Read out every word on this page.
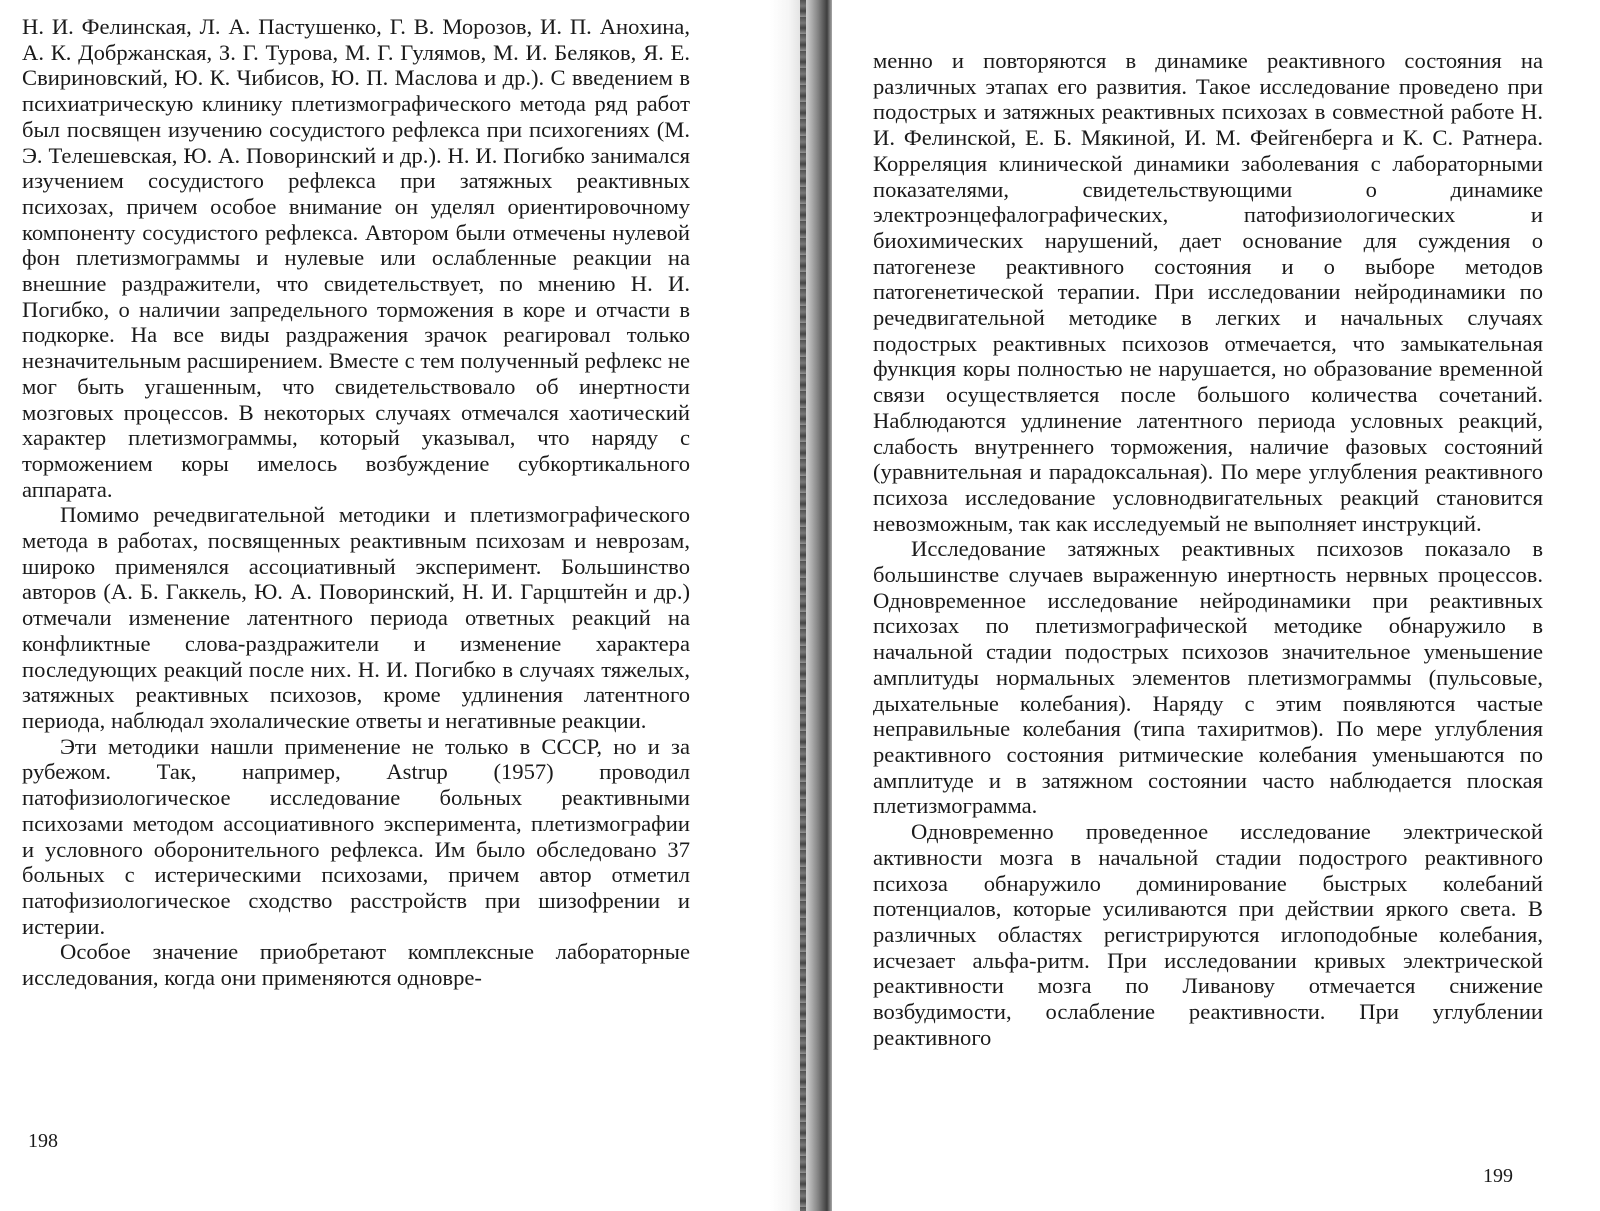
Н. И. Фелинская, Л. А. Пастушенко, Г. В. Морозов, И. П. Анохина, А. К. Добржанская, З. Г. Турова, М. Г. Гулямов, М. И. Беляков, Я. Е. Свириновский, Ю. К. Чибисов, Ю. П. Маслова и др.). С введением в психиатрическую клинику плетизмографического метода ряд работ был посвящен изучению сосудистого рефлекса при психогениях (М. Э. Телешевская, Ю. А. Поворинский и др.). Н. И. Погибко занимался изучением сосудистого рефлекса при затяжных реактивных психозах, причем особое внимание он уделял ориентировочному компоненту сосудистого рефлекса. Автором были отмечены нулевой фон плетизмограммы и нулевые или ослабленные реакции на внешние раздражители, что свидетельствует, по мнению Н. И. Погибко, о наличии запредельного торможения в коре и отчасти в подкорке. На все виды раздражения зрачок реагировал только незначительным расширением. Вместе с тем полученный рефлекс не мог быть угашенным, что свидетельствовало об инертности мозговых процессов. В некоторых случаях отмечался хаотический характер плетизмограммы, который указывал, что наряду с торможением коры имелось возбуждение субкортикального аппарата.

Помимо речедвигательной методики и плетизмографического метода в работах, посвященных реактивным психозам и неврозам, широко применялся ассоциативный эксперимент. Большинство авторов (А. Б. Гаккель, Ю. А. Поворинский, Н. И. Гарцштейн и др.) отмечали изменение латентного периода ответных реакций на конфликтные слова-раздражители и изменение характера последующих реакций после них. Н. И. Погибко в случаях тяжелых, затяжных реактивных психозов, кроме удлинения латентного периода, наблюдал эхолалические ответы и негативные реакции.

Эти методики нашли применение не только в СССР, но и за рубежом. Так, например, Astrup (1957) проводил патофизиологическое исследование больных реактивными психозами методом ассоциативного эксперимента, плетизмографии и условного оборонительного рефлекса. Им было обследовано 37 больных с истерическими психозами, причем автор отметил патофизиологическое сходство расстройств при шизофрении и истерии.

Особое значение приобретают комплексные лабораторные исследования, когда они применяются одновре-

198

менно и повторяются в динамике реактивного состояния на различных этапах его развития. Такое исследование проведено при подострых и затяжных реактивных психозах в совместной работе Н. И. Фелинской, Е. Б. Мякиной, И. М. Фейгенберга и К. С. Ратнера. Корреляция клинической динамики заболевания с лабораторными показателями, свидетельствующими о динамике электроэнцефалографических, патофизиологических и биохимических нарушений, дает основание для суждения о патогенезе реактивного состояния и о выборе методов патогенетической терапии. При исследовании нейродинамики по речедвигательной методике в легких и начальных случаях подострых реактивных психозов отмечается, что замыкательная функция коры полностью не нарушается, но образование временной связи осуществляется после большого количества сочетаний. Наблюдаются удлинение латентного периода условных реакций, слабость внутреннего торможения, наличие фазовых состояний (уравнительная и парадоксальная). По мере углубления реактивного психоза исследование условнодвигательных реакций становится невозможным, так как исследуемый не выполняет инструкций.

Исследование затяжных реактивных психозов показало в большинстве случаев выраженную инертность нервных процессов. Одновременное исследование нейродинамики при реактивных психозах по плетизмографической методике обнаружило в начальной стадии подострых психозов значительное уменьшение амплитуды нормальных элементов плетизмограммы (пульсовые, дыхательные колебания). Наряду с этим появляются частые неправильные колебания (типа тахиритмов). По мере углубления реактивного состояния ритмические колебания уменьшаются по амплитуде и в затяжном состоянии часто наблюдается плоская плетизмограмма.

Одновременно проведенное исследование электрической активности мозга в начальной стадии подострого реактивного психоза обнаружило доминирование быстрых колебаний потенциалов, которые усиливаются при действии яркого света. В различных областях регистрируются иглоподобные колебания, исчезает альфа-ритм. При исследовании кривых электрической реактивности мозга по Ливанову отмечается снижение возбудимости, ослабление реактивности. При углублении реактивного

199
